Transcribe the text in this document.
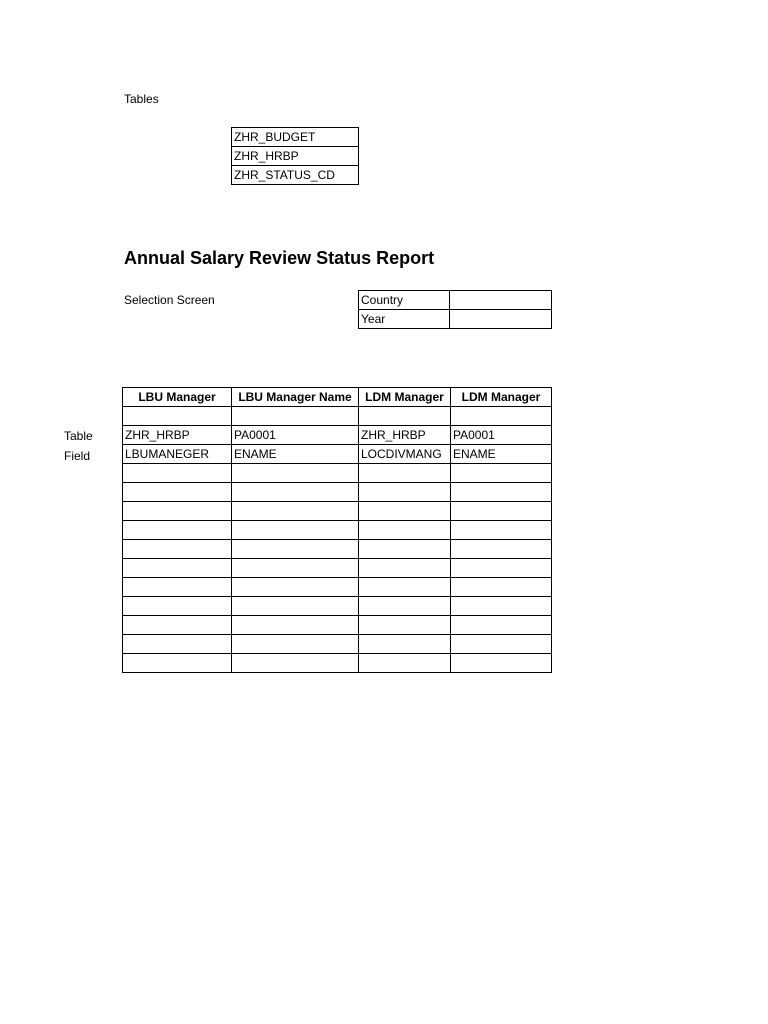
Tables
ZHR_BUDGET
ZHR_HRBP
ZHR_STATUS_CD
Annual Salary Review Status Report
Selection Screen	Country	
Year	
Table
Field
LBU Manager	LBU Manager Name	LDM Manager	LDM Manager

ZHR_HRBP	PA0001	ZHR_HRBP	PA0001
LBUMANEGER	ENAME	LOCDIVMANG	ENAME
